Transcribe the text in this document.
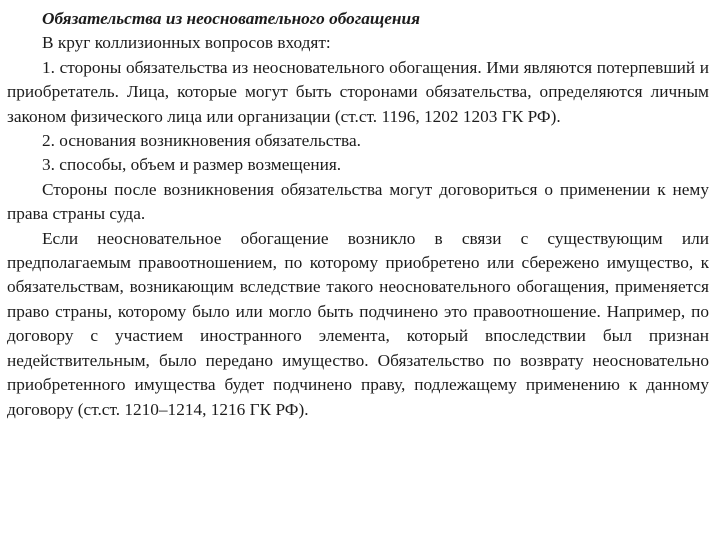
Обязательства из неосновательного обогащения

В круг коллизионных вопросов входят:

1. стороны обязательства из неосновательного обогащения. Ими являются потерпевший и приобретатель. Лица, которые могут быть сторонами обязательства, определяются личным законом физического лица или организации (ст.ст. 1196, 1202 1203 ГК РФ).

2. основания возникновения обязательства.

3. способы, объем и размер возмещения.

Стороны после возникновения обязательства могут договориться о применении к нему права страны суда.

Если неосновательное обогащение возникло в связи с существующим или предполагаемым правоотношением, по которому приобретено или сбережено имущество, к обязательствам, возникающим вследствие такого неосновательного обогащения, применяется право страны, которому было или могло быть подчинено это правоотношение. Например, по договору с участием иностранного элемента, который впоследствии был признан недействительным, было передано имущество. Обязательство по возврату неосновательно приобретенного имущества будет подчинено праву, подлежащему применению к данному договору (ст.ст. 1210–1214, 1216 ГК РФ).
